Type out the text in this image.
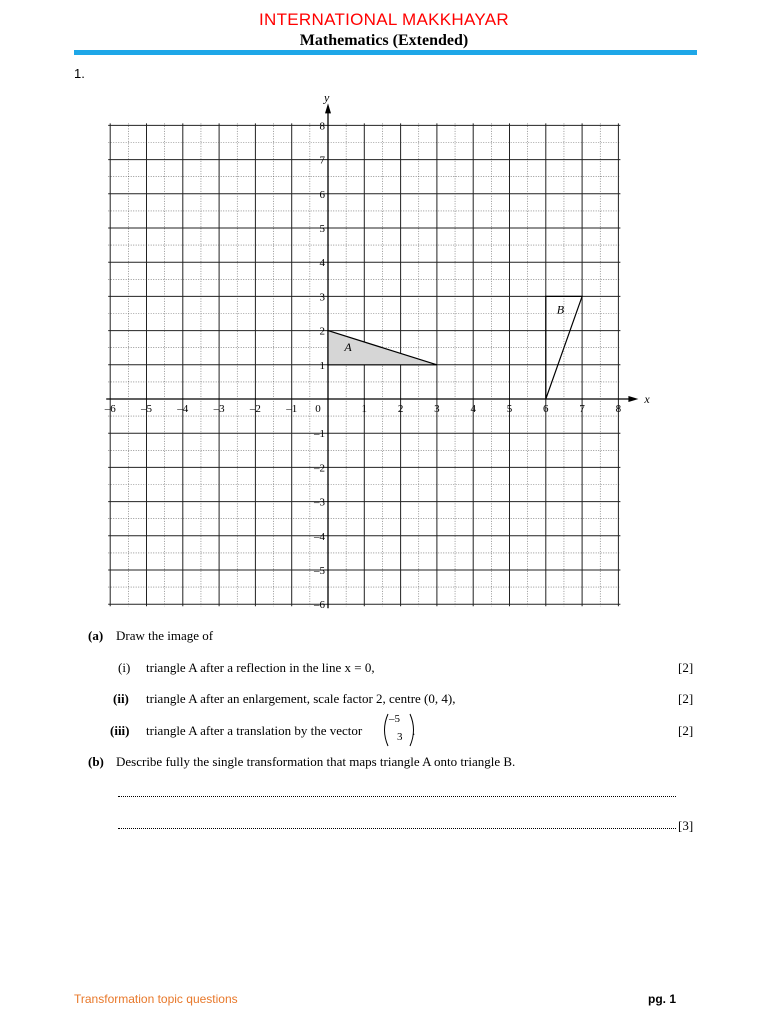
INTERNATIONAL MAKKHAYAR
Mathematics (Extended)
1.
x
y
–6 –5 –4 –3 –2 –1 0	1	2	3	4	5	6	7	8
8
7
6
5
4
3
2
1
–1
–2
–3
–4
–5
–6
A
B
(a) Draw the image of
(i) triangle A after a reflection in the line x = 0,	[2]
(ii) triangle A after an enlargement, scale factor 2, centre (0, 4),	[2]
(iii) triangle A after a translation by the vector
–5
3 .	[2]
(b) Describe fully the single transformation that maps triangle A onto triangle B.
[3]
Transformation topic questions	pg. 1
